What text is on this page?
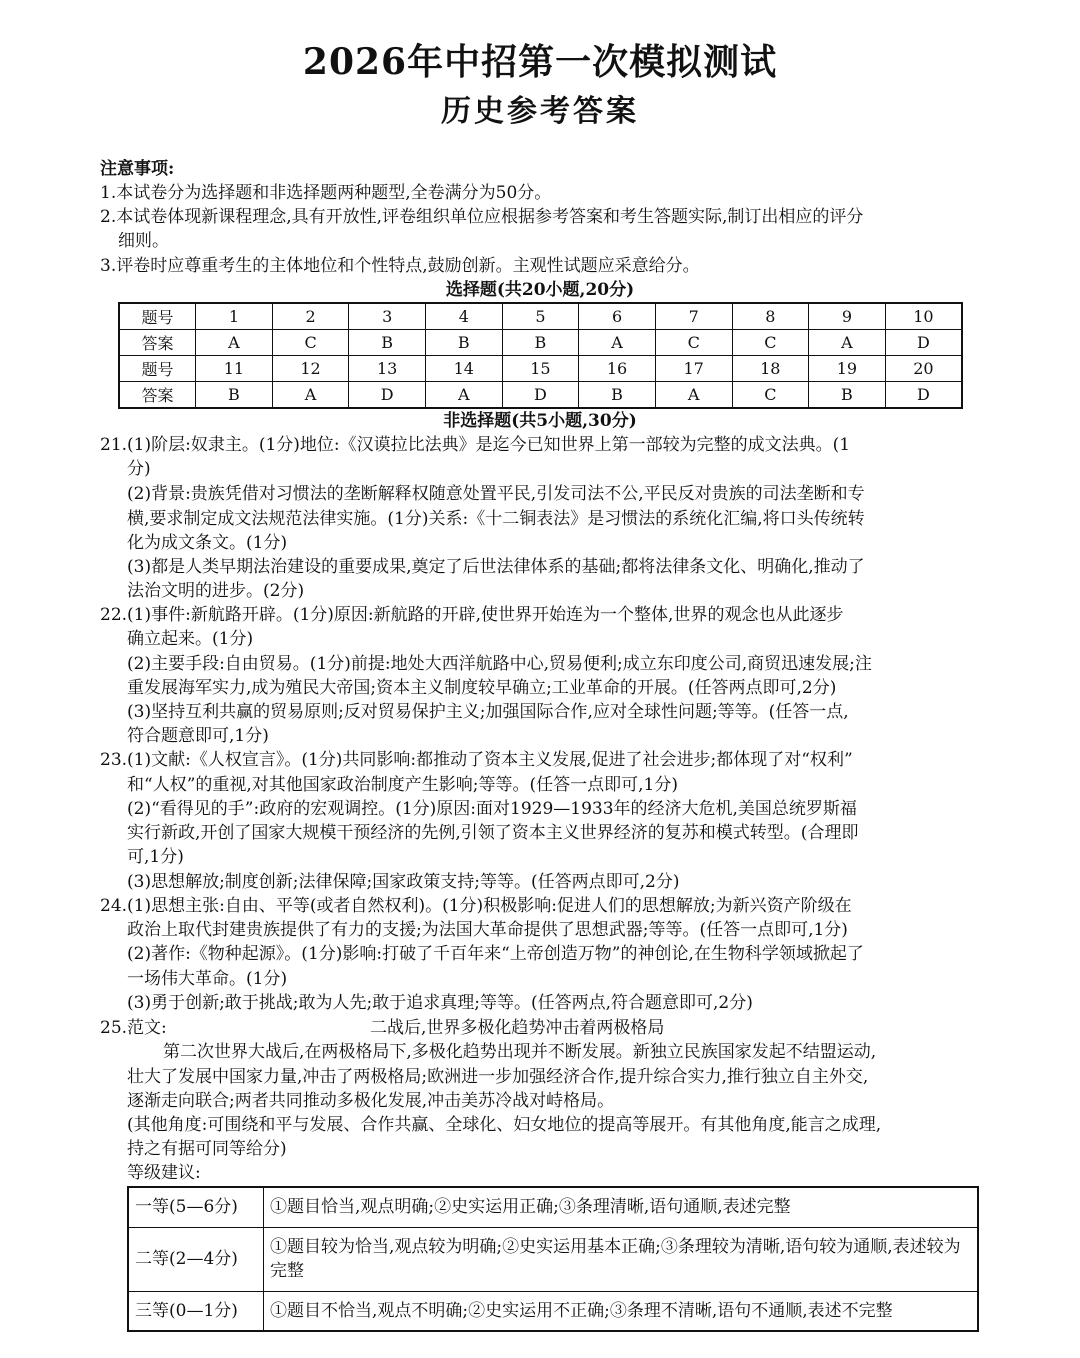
2026年中招第一次模拟测试
历史参考答案
注意事项:
1.本试卷分为选择题和非选择题两种题型,全卷满分为50分。
2.本试卷体现新课程理念,具有开放性,评卷组织单位应根据参考答案和考生答题实际,制订出相应的评分
细则。
3.评卷时应尊重考生的主体地位和个性特点,鼓励创新。主观性试题应采意给分。
选择题(共20小题,20分)
题号	1	2	3	4	5	6	7	8	9	10
答案	A	C	B	B	B	A	C	C	A	D
题号	11	12	13	14	15	16	17	18	19	20
答案	B	A	D	A	D	B	A	C	B	D
非选择题(共5小题,30分)
21.(1)阶层:奴隶主。(1分)地位:《汉谟拉比法典》是迄今已知世界上第一部较为完整的成文法典。(1
分)
(2)背景:贵族凭借对习惯法的垄断解释权随意处置平民,引发司法不公,平民反对贵族的司法垄断和专
横,要求制定成文法规范法律实施。(1分)关系:《十二铜表法》是习惯法的系统化汇编,将口头传统转
化为成文条文。(1分)
(3)都是人类早期法治建设的重要成果,奠定了后世法律体系的基础;都将法律条文化、明确化,推动了
法治文明的进步。(2分)
22.(1)事件:新航路开辟。(1分)原因:新航路的开辟,使世界开始连为一个整体,世界的观念也从此逐步
确立起来。(1分)
(2)主要手段:自由贸易。(1分)前提:地处大西洋航路中心,贸易便利;成立东印度公司,商贸迅速发展;注
重发展海军实力,成为殖民大帝国;资本主义制度较早确立;工业革命的开展。(任答两点即可,2分)
(3)坚持互利共赢的贸易原则;反对贸易保护主义;加强国际合作,应对全球性问题;等等。(任答一点,
符合题意即可,1分)
23.(1)文献:《人权宣言》。(1分)共同影响:都推动了资本主义发展,促进了社会进步;都体现了对“权利”
和“人权”的重视,对其他国家政治制度产生影响;等等。(任答一点即可,1分)
(2)“看得见的手”:政府的宏观调控。(1分)原因:面对1929—1933年的经济大危机,美国总统罗斯福
实行新政,开创了国家大规模干预经济的先例,引领了资本主义世界经济的复苏和模式转型。(合理即
可,1分)
(3)思想解放;制度创新;法律保障;国家政策支持;等等。(任答两点即可,2分)
24.(1)思想主张:自由、平等(或者自然权利)。(1分)积极影响:促进人们的思想解放;为新兴资产阶级在
政治上取代封建贵族提供了有力的支援;为法国大革命提供了思想武器;等等。(任答一点即可,1分)
(2)著作:《物种起源》。(1分)影响:打破了千百年来“上帝创造万物”的神创论,在生物科学领域掀起了
一场伟大革命。(1分)
(3)勇于创新;敢于挑战;敢为人先;敢于追求真理;等等。(任答两点,符合题意即可,2分)
25.范文:	二战后,世界多极化趋势冲击着两极格局
第二次世界大战后,在两极格局下,多极化趋势出现并不断发展。新独立民族国家发起不结盟运动,
壮大了发展中国家力量,冲击了两极格局;欧洲进一步加强经济合作,提升综合实力,推行独立自主外交,
逐渐走向联合;两者共同推动多极化发展,冲击美苏冷战对峙格局。
(其他角度:可围绕和平与发展、合作共赢、全球化、妇女地位的提高等展开。有其他角度,能言之成理,
持之有据可同等给分)
等级建议:
一等(5—6分)	①题目恰当,观点明确;②史实运用正确;③条理清晰,语句通顺,表述完整
二等(2—4分)	①题目较为恰当,观点较为明确;②史实运用基本正确;③条理较为清晰,语句较为通顺,表述较为完整
三等(0—1分)	①题目不恰当,观点不明确;②史实运用不正确;③条理不清晰,语句不通顺,表述不完整
